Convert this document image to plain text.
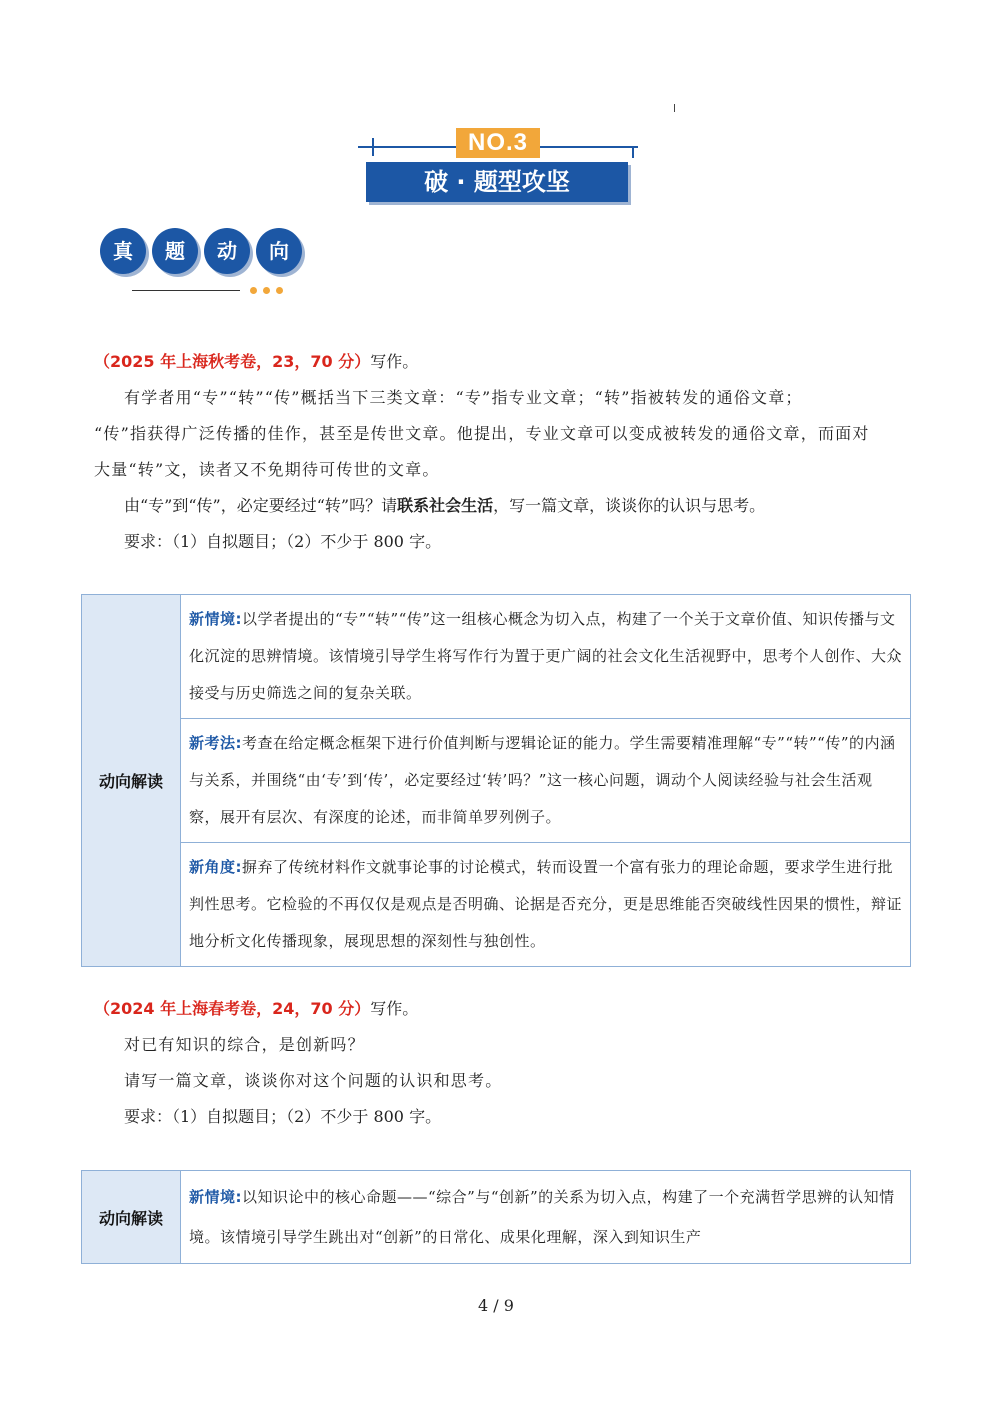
NO.3
破 · 题型攻坚
真	题	动	向
（2025 年上海秋考卷，23，70 分）写作。
有学者用“专”“转”“传”概括当下三类文章：“专”指专业文章；“转”指被转发的通俗文章；
“传”指获得广泛传播的佳作，甚至是传世文章。他提出，专业文章可以变成被转发的通俗文章，而面对
大量“转”文，读者又不免期待可传世的文章。
由“专”到“传”，必定要经过“转”吗？请联系社会生活，写一篇文章，谈谈你的认识与思考。
要求：（1）自拟题目；（2）不少于 800 字。
动向解读	新情境:以学者提出的“专”“转”“传”这一组核心概念为切入点，构建了一个关于文章价值、知识传播与文化沉淀的思辨情境。该情境引导学生将写作行为置于更广阔的社会文化生活视野中，思考个人创作、大众接受与历史筛选之间的复杂关联。
新考法:考查在给定概念框架下进行价值判断与逻辑论证的能力。学生需要精准理解“专”“转”“传”的内涵与关系，并围绕“由‘专’到‘传’，必定要经过‘转’吗？”这一核心问题，调动个人阅读经验与社会生活观察，展开有层次、有深度的论述，而非简单罗列例子。
新角度:摒弃了传统材料作文就事论事的讨论模式，转而设置一个富有张力的理论命题，要求学生进行批判性思考。它检验的不再仅仅是观点是否明确、论据是否充分，更是思维能否突破线性因果的惯性，辩证地分析文化传播现象，展现思想的深刻性与独创性。
（2024 年上海春考卷，24，70 分）写作。
对已有知识的综合，是创新吗？
请写一篇文章，谈谈你对这个问题的认识和思考。
要求：（1）自拟题目；（2）不少于 800 字。
动向解读	新情境:以知识论中的核心命题——“综合”与“创新”的关系为切入点，构建了一个充满哲学思辨的认知情境。该情境引导学生跳出对“创新”的日常化、成果化理解，深入到知识生产
4 / 9
